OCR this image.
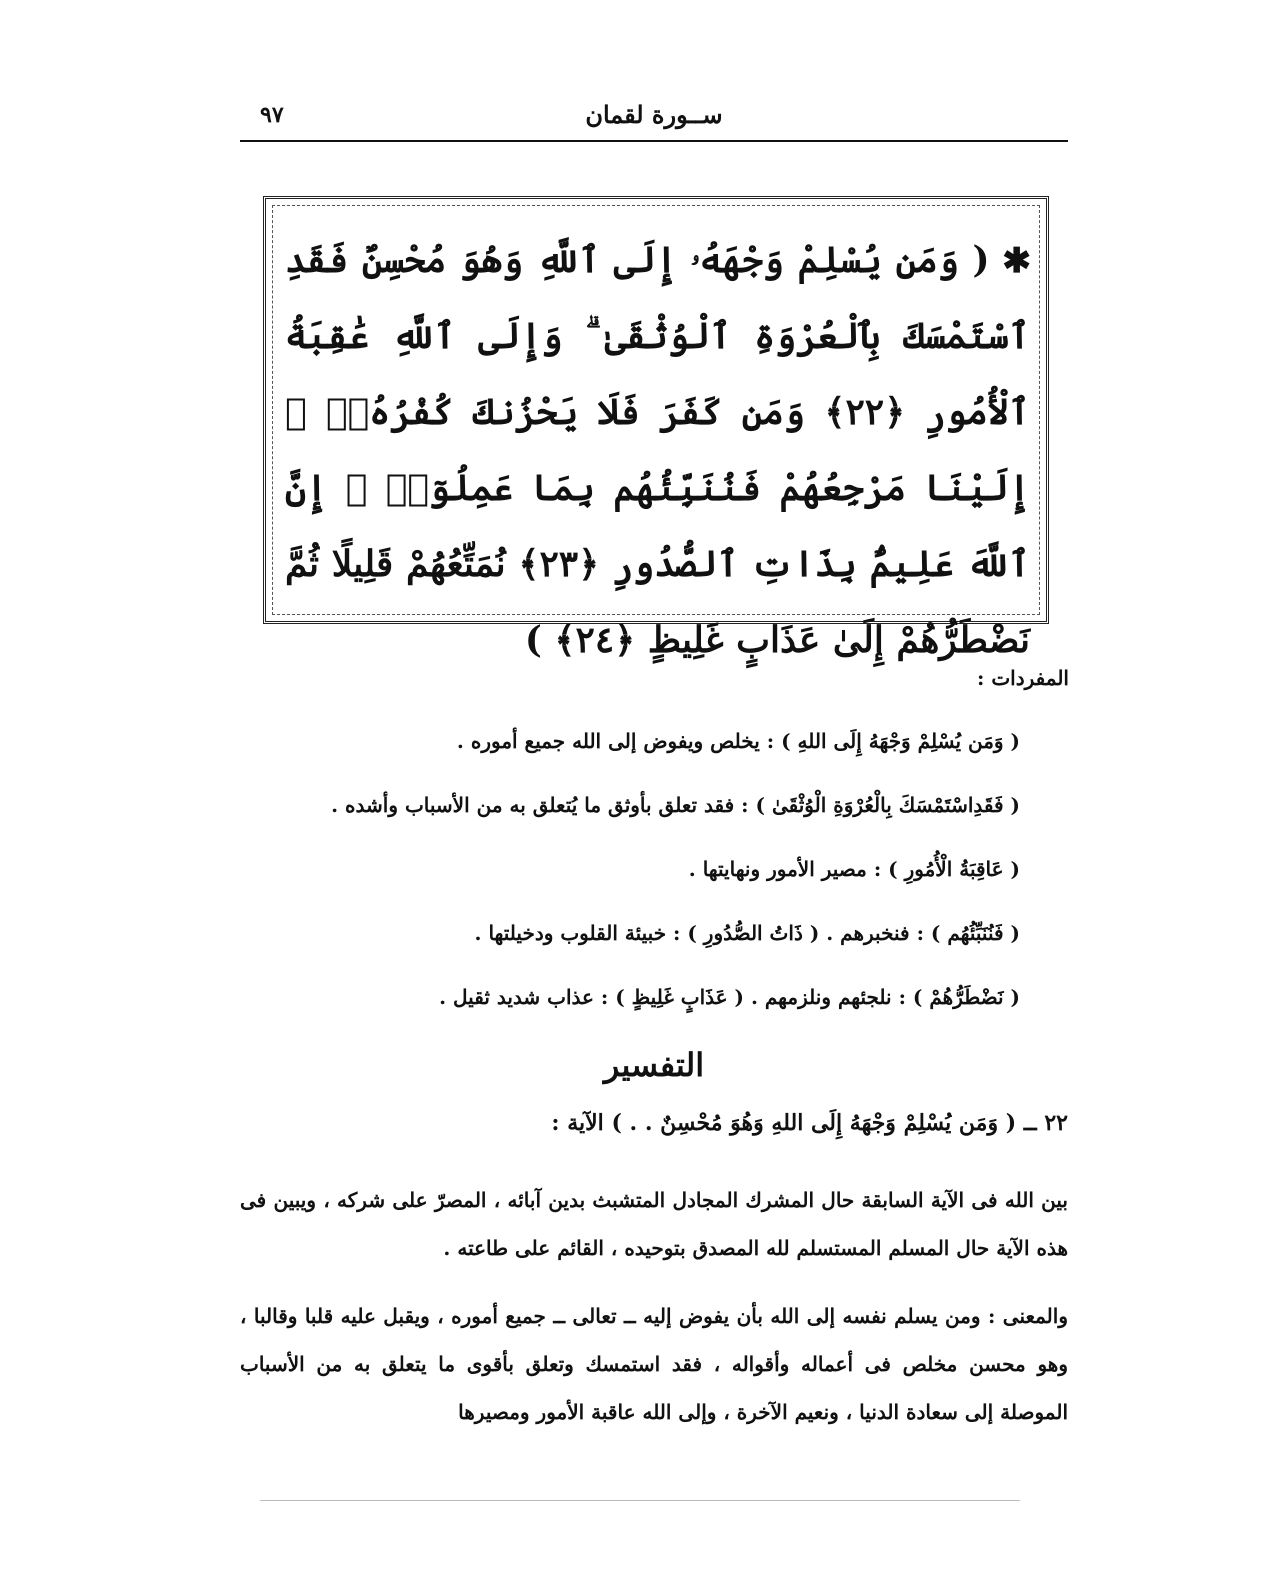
ســورة لقمان
٩٧
✱ ( وَمَن يُسْلِمْ وَجْهَهُۥ إِلَى ٱللَّهِ وَهُوَ مُحْسِنٌ فَقَدِ ٱسْتَمْسَكَ بِٱلْعُرْوَةِ ٱلْوُثْقَىٰ ۗ وَإِلَى ٱللَّهِ عَٰقِبَةُ ٱلْأُمُورِ ﴿٢٢﴾ وَمَن كَفَرَ فَلَا يَحْزُنكَ كُفْرُهُۥٓ ۚ إِلَيْنَا مَرْجِعُهُمْ فَنُنَبِّئُهُم بِمَا عَمِلُوٓا۟ ۚ إِنَّ ٱللَّهَ عَلِيمٌۢ بِذَاتِ ٱلصُّدُورِ ﴿٢٣﴾ نُمَتِّعُهُمْ قَلِيلًا ثُمَّ نَضْطَرُّهُمْ إِلَىٰ عَذَابٍ غَلِيظٍ ﴿٢٤﴾ )
المفردات :
( وَمَن يُسْلِمْ وَجْهَهُ إِلَى اللهِ ) : يخلص ويفوض إلى الله جميع أموره .
( فَقَدِاسْتَمْسَكَ بِالْعُرْوَةِ الْوُثْقَىٰ ) : فقد تعلق بأوثق ما يُتعلق به من الأسباب وأشده .
( عَاقِبَةُ الْأُمُورِ ) : مصير الأمور ونهايتها .
( فَنُنَبِّئُهُم ) : فنخبرهم . ( ذَاتُ الصُّدُورِ ) : خبيئة القلوب ودخيلتها .
( نَضْطَرُّهُمْ ) : نلجئهم ونلزمهم . ( عَذَابٍ غَلِيظٍ ) : عذاب شديد ثقيل .
التفسير
٢٢ ــ ( وَمَن يُسْلِمْ وَجْهَهُ إِلَى اللهِ وَهُوَ مُحْسِنٌ . . ) الآية :

بين الله فى الآية السابقة حال المشرك المجادل المتشبث بدين آبائه ، المصرّ على شركه ، ويبين فى هذه الآية حال المسلم المستسلم لله المصدق بتوحيده ، القائم على طاعته .

والمعنى : ومن يسلم نفسه إلى الله بأن يفوض إليه ــ تعالى ــ جميع أموره ، ويقبل عليه قلبا وقالبا ، وهو محسن مخلص فى أعماله وأقواله ، فقد استمسك وتعلق بأقوى ما يتعلق به من الأسباب الموصلة إلى سعادة الدنيا ، ونعيم الآخرة ، وإلى الله عاقبة الأمور ومصيرها
